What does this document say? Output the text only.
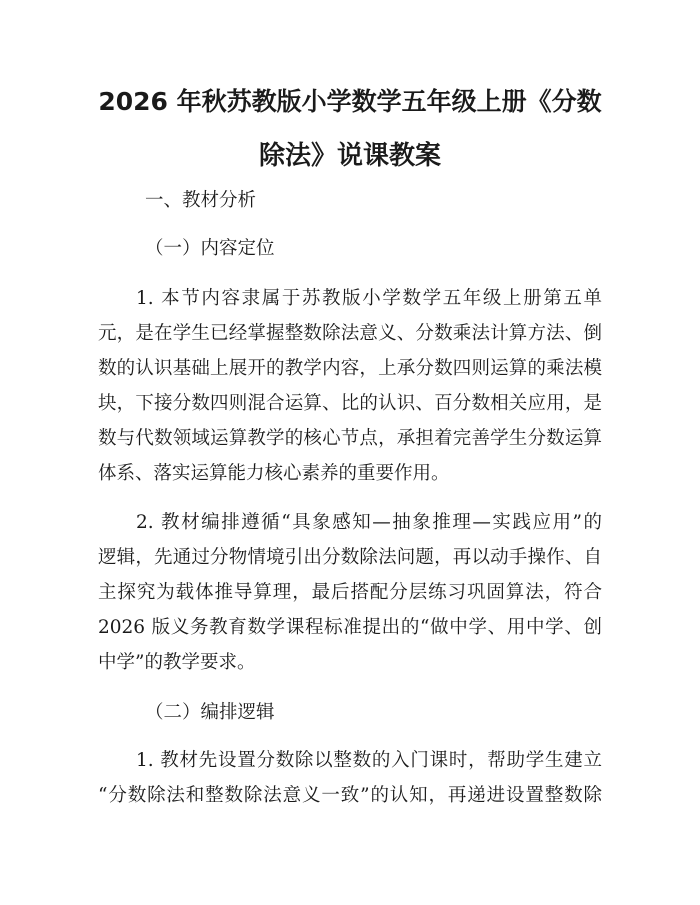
2026 年秋苏教版小学数学五年级上册《分数
除法》说课教案
一、教材分析
（一）内容定位
1. 本节内容隶属于苏教版小学数学五年级上册第五单
元，是在学生已经掌握整数除法意义、分数乘法计算方法、倒
数的认识基础上展开的教学内容，上承分数四则运算的乘法模
块，下接分数四则混合运算、比的认识、百分数相关应用，是
数与代数领域运算教学的核心节点，承担着完善学生分数运算
体系、落实运算能力核心素养的重要作用。
2. 教材编排遵循“具象感知—抽象推理—实践应用”的
逻辑，先通过分物情境引出分数除法问题，再以动手操作、自
主探究为载体推导算理，最后搭配分层练习巩固算法，符合
2026 版义务教育数学课程标准提出的“做中学、用中学、创
中学”的教学要求。
（二）编排逻辑
1. 教材先设置分数除以整数的入门课时，帮助学生建立
“分数除法和整数除法意义一致”的认知，再递进设置整数除
